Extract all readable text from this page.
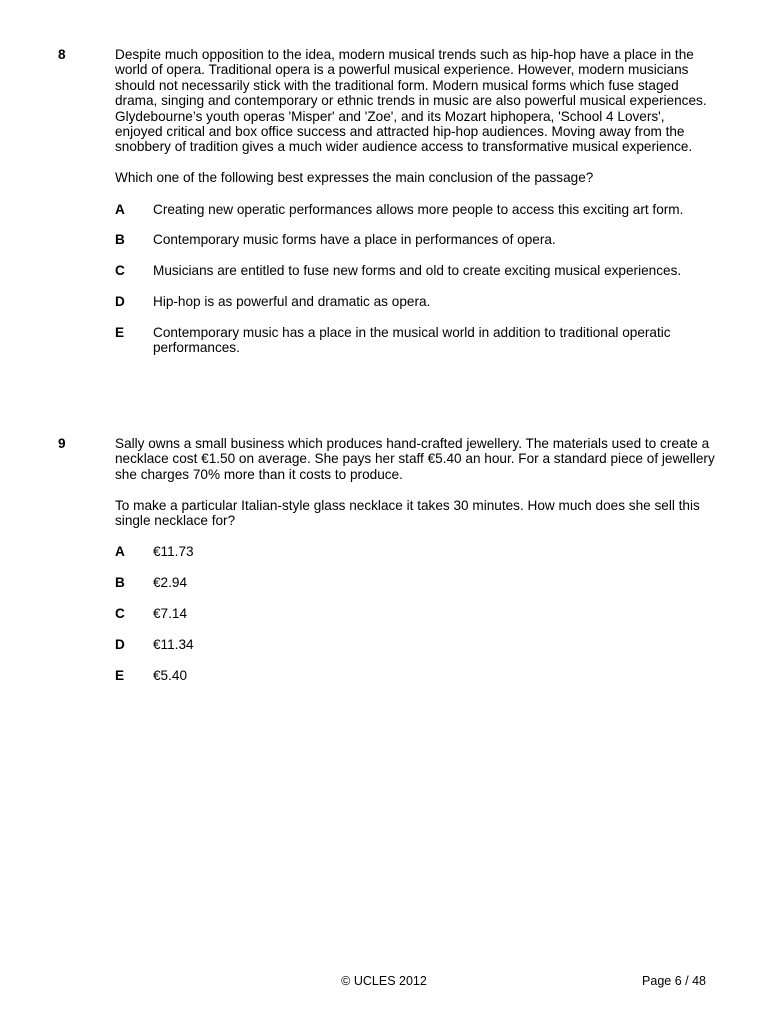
8	Despite much opposition to the idea, modern musical trends such as hip-hop have a place in the world of opera. Traditional opera is a powerful musical experience. However, modern musicians should not necessarily stick with the traditional form. Modern musical forms which fuse staged drama, singing and contemporary or ethnic trends in music are also powerful musical experiences. Glydebourne’s youth operas 'Misper' and 'Zoe', and its Mozart hiphopera, 'School 4 Lovers', enjoyed critical and box office success and attracted hip-hop audiences. Moving away from the snobbery of tradition gives a much wider audience access to transformative musical experience.

Which one of the following best expresses the main conclusion of the passage?

A Creating new operatic performances allows more people to access this exciting art form.
B Contemporary music forms have a place in performances of opera.
C Musicians are entitled to fuse new forms and old to create exciting musical experiences.
D Hip-hop is as powerful and dramatic as opera.
E Contemporary music has a place in the musical world in addition to traditional operatic performances.
9	Sally owns a small business which produces hand-crafted jewellery. The materials used to create a necklace cost €1.50 on average. She pays her staff €5.40 an hour. For a standard piece of jewellery she charges 70% more than it costs to produce.

To make a particular Italian-style glass necklace it takes 30 minutes. How much does she sell this single necklace for?

A €11.73
B €2.94
C €7.14
D €11.34
E €5.40
© UCLES 2012	Page 6 / 48
